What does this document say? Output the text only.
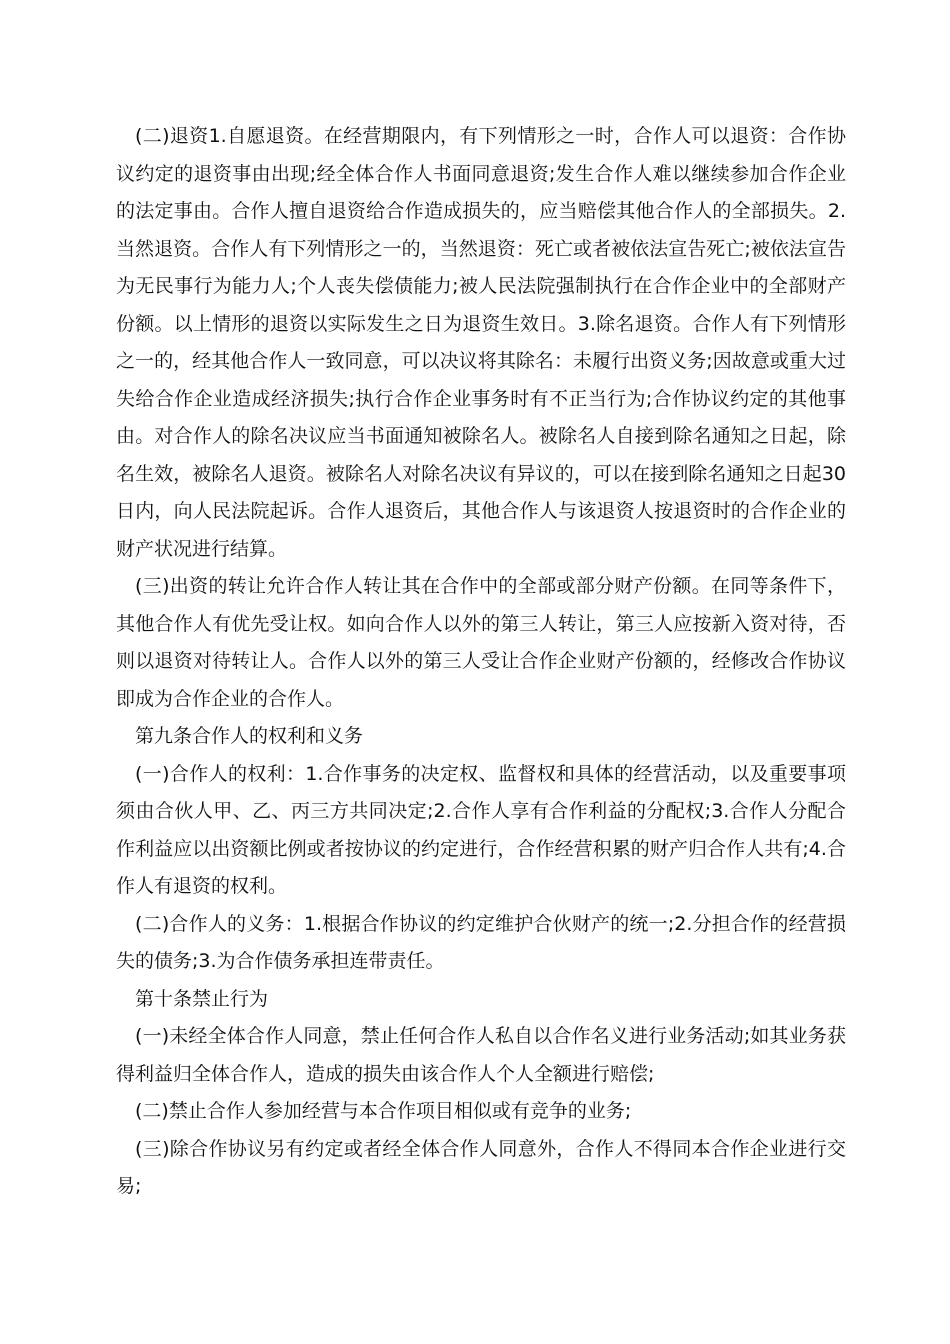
(二)退资1.自愿退资。在经营期限内，有下列情形之一时，合作人可以退资：合作协议约定的退资事由出现;经全体合作人书面同意退资;发生合作人难以继续参加合作企业的法定事由。合作人擅自退资给合作造成损失的，应当赔偿其他合作人的全部损失。2.当然退资。合作人有下列情形之一的，当然退资：死亡或者被依法宣告死亡;被依法宣告为无民事行为能力人;个人丧失偿债能力;被人民法院强制执行在合作企业中的全部财产份额。以上情形的退资以实际发生之日为退资生效日。3.除名退资。合作人有下列情形之一的，经其他合作人一致同意，可以决议将其除名：未履行出资义务;因故意或重大过失给合作企业造成经济损失;执行合作企业事务时有不正当行为;合作协议约定的其他事由。对合作人的除名决议应当书面通知被除名人。被除名人自接到除名通知之日起，除名生效，被除名人退资。被除名人对除名决议有异议的，可以在接到除名通知之日起30日内，向人民法院起诉。合作人退资后，其他合作人与该退资人按退资时的合作企业的财产状况进行结算。

(三)出资的转让允许合作人转让其在合作中的全部或部分财产份额。在同等条件下，其他合作人有优先受让权。如向合作人以外的第三人转让，第三人应按新入资对待，否则以退资对待转让人。合作人以外的第三人受让合作企业财产份额的，经修改合作协议即成为合作企业的合作人。

第九条合作人的权利和义务

(一)合作人的权利：1.合作事务的决定权、监督权和具体的经营活动，以及重要事项须由合伙人甲、乙、丙三方共同决定;2.合作人享有合作利益的分配权;3.合作人分配合作利益应以出资额比例或者按协议的约定进行，合作经营积累的财产归合作人共有;4.合作人有退资的权利。

(二)合作人的义务：1.根据合作协议的约定维护合伙财产的统一;2.分担合作的经营损失的债务;3.为合作债务承担连带责任。

第十条禁止行为

(一)未经全体合作人同意，禁止任何合作人私自以合作名义进行业务活动;如其业务获得利益归全体合作人，造成的损失由该合作人个人全额进行赔偿;

(二)禁止合作人参加经营与本合作项目相似或有竞争的业务;

(三)除合作协议另有约定或者经全体合作人同意外，合作人不得同本合作企业进行交易;
